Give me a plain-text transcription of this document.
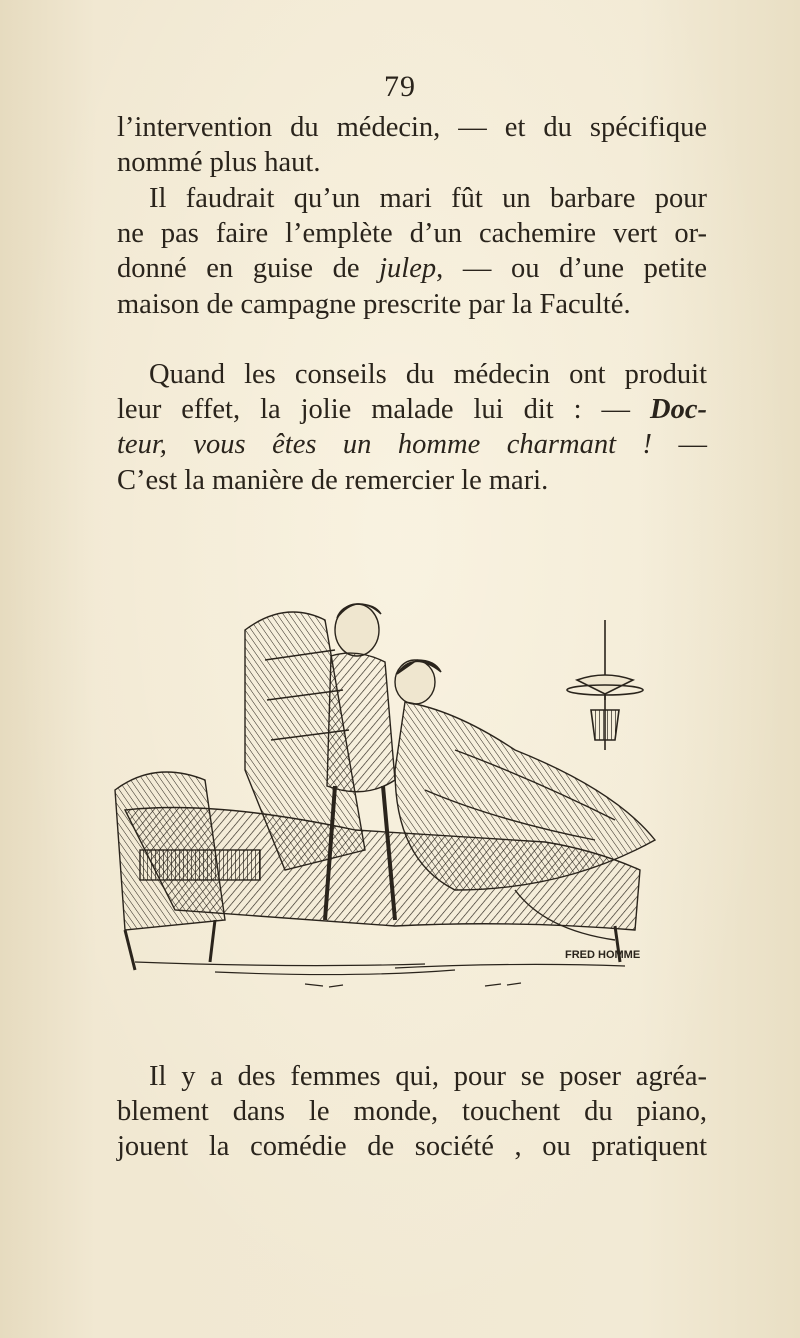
79

l’intervention du médecin, — et du spécifique
nommé plus haut.

Il faudrait qu’un mari fût un barbare pour
ne pas faire l’emplète d’un cachemire vert or-
donné en guise de julep, — ou d’une petite
maison de campagne prescrite par la Faculté.

Quand les conseils du médecin ont produit
leur effet, la jolie malade lui dit : — Doc-
teur, vous êtes un homme charmant ! —
C’est la manière de remercier le mari.

FRED HOMME

Il y a des femmes qui, pour se poser agréa-
blement dans le monde, touchent du piano,
jouent la comédie de société , ou pratiquent
